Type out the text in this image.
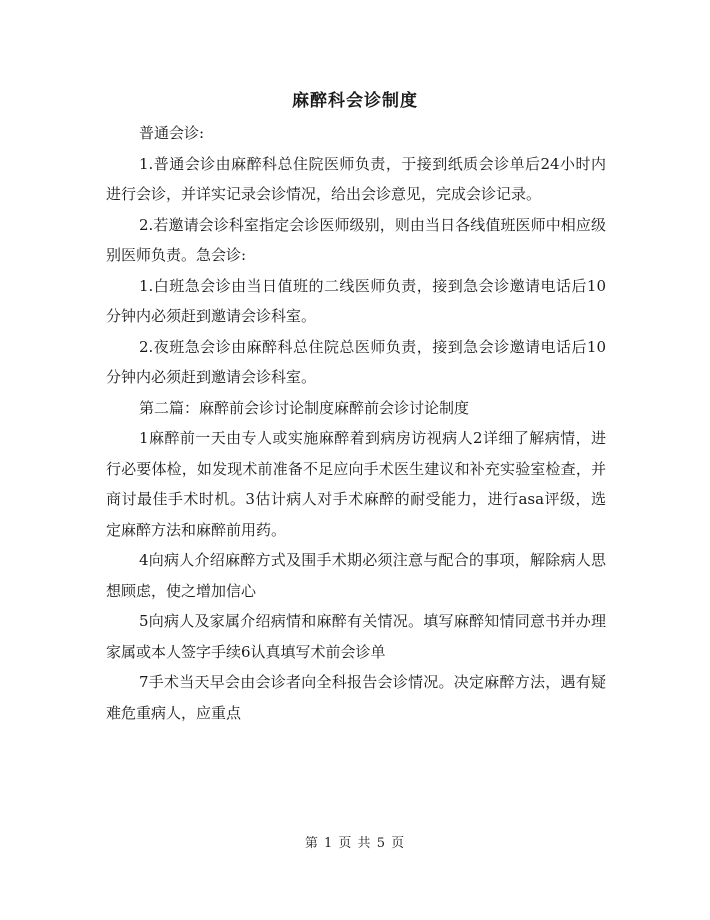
麻醉科会诊制度

普通会诊:

1.普通会诊由麻醉科总住院医师负责，于接到纸质会诊单后24小时内进行会诊，并详实记录会诊情况，给出会诊意见，完成会诊记录。

2.若邀请会诊科室指定会诊医师级别，则由当日各线值班医师中相应级别医师负责。急会诊:

1.白班急会诊由当日值班的二线医师负责，接到急会诊邀请电话后10分钟内必须赶到邀请会诊科室。

2.夜班急会诊由麻醉科总住院总医师负责，接到急会诊邀请电话后10分钟内必须赶到邀请会诊科室。

第二篇：麻醉前会诊讨论制度麻醉前会诊讨论制度

1麻醉前一天由专人或实施麻醉着到病房访视病人2详细了解病情，进行必要体检，如发现术前准备不足应向手术医生建议和补充实验室检查，并商讨最佳手术时机。3估计病人对手术麻醉的耐受能力，进行asa评级，选定麻醉方法和麻醉前用药。

4向病人介绍麻醉方式及围手术期必须注意与配合的事项，解除病人思想顾虑，使之增加信心

5向病人及家属介绍病情和麻醉有关情况。填写麻醉知情同意书并办理家属或本人签字手续6认真填写术前会诊单

7手术当天早会由会诊者向全科报告会诊情况。决定麻醉方法，遇有疑难危重病人，应重点

第 1 页 共 5 页
